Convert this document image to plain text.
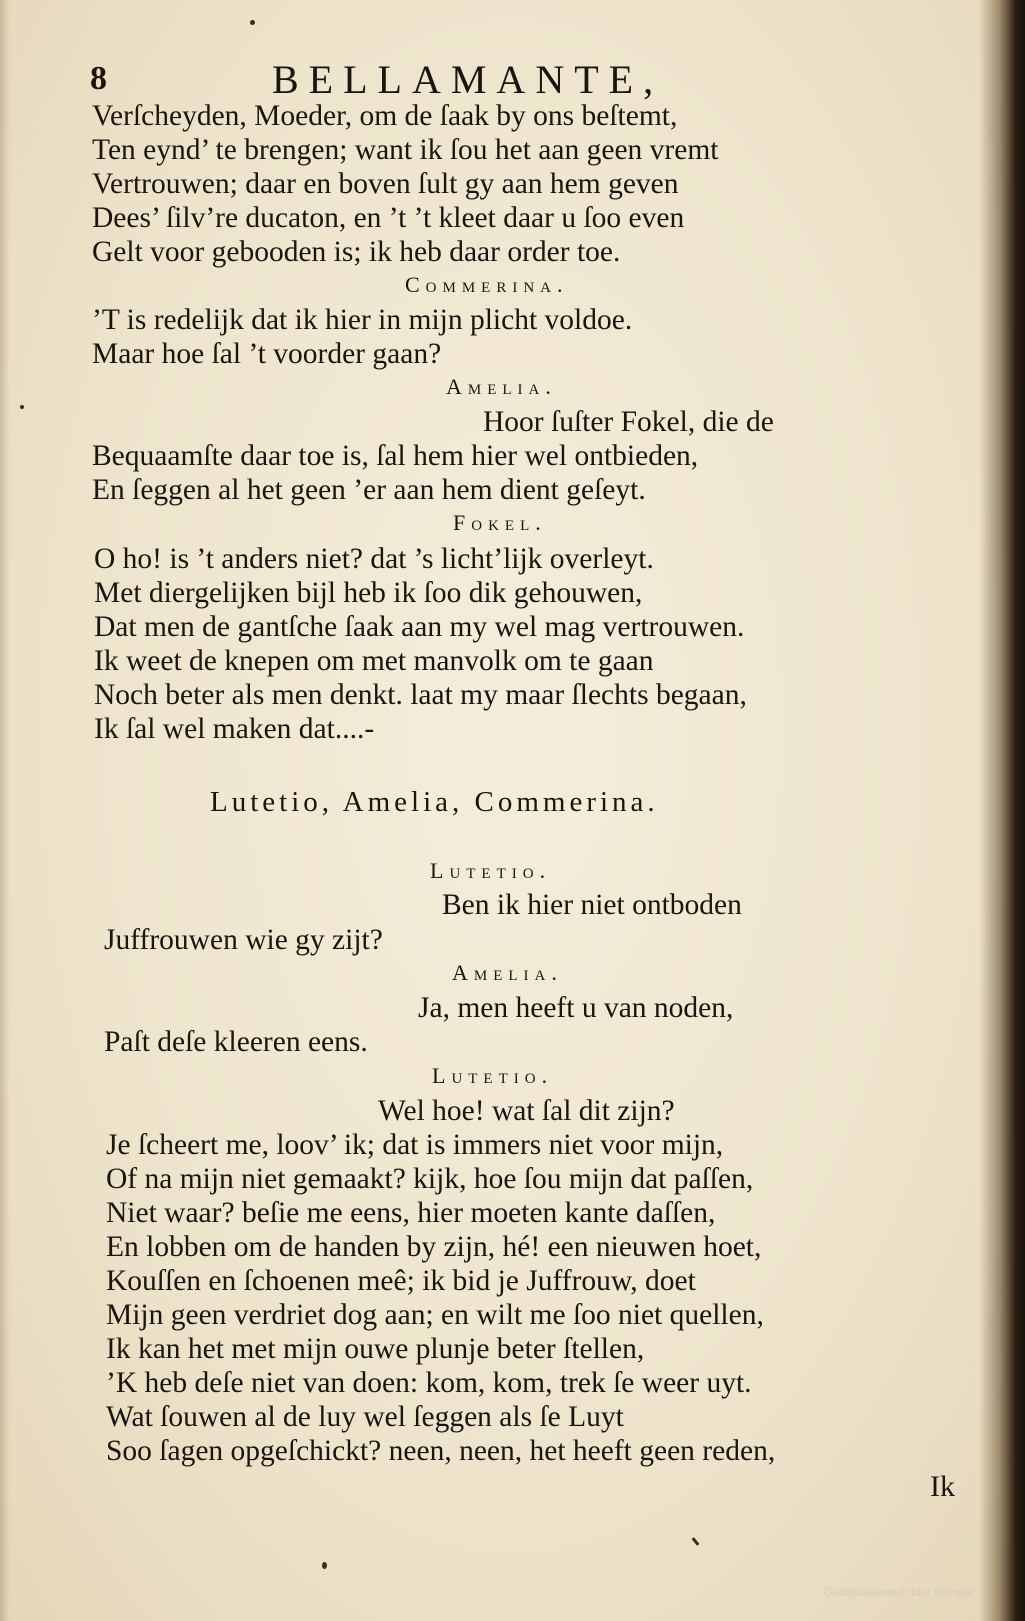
8	BELLAMANTE,
Verſcheyden, Moeder, om de ſaak by ons beſtemt,
Ten eynd’ te brengen; want ik ſou het aan geen vremt
Vertrouwen; daar en boven ſult gy aan hem geven
Dees’ ſilv’re ducaton, en ’t ’t kleet daar u ſoo even
Gelt voor gebooden is; ik heb daar order toe.
Commerina.
’T is redelijk dat ik hier in mijn plicht voldoe.
Maar hoe ſal ’t voorder gaan?
Amelia.
Hoor ſuſter Fokel, die de
Bequaamſte daar toe is, ſal hem hier wel ontbieden,
En ſeggen al het geen ’er aan hem dient geſeyt.
Fokel.
O ho! is ’t anders niet? dat ’s licht’lijk overleyt.
Met diergelijken bijl heb ik ſoo dik gehouwen,
Dat men de gantſche ſaak aan my wel mag vertrouwen.
Ik weet de knepen om met manvolk om te gaan
Noch beter als men denkt. laat my maar ſlechts begaan,
Ik ſal wel maken dat....-
Lutetio, Amelia, Commerina.
Lutetio.
Ben ik hier niet ontboden
Juffrouwen wie gy zijt?
Amelia.
Ja, men heeft u van noden,
Paſt deſe kleeren eens.
Lutetio.
Wel hoe! wat ſal dit zijn?
Je ſcheert me, loov’ ik; dat is immers niet voor mijn,
Of na mijn niet gemaakt? kijk, hoe ſou mijn dat paſſen,
Niet waar? beſie me eens, hier moeten kante daſſen,
En lobben om de handen by zijn, hé! een nieuwen hoet,
Kouſſen en ſchoenen meê; ik bid je Juffrouw, doet
Mijn geen verdriet dog aan; en wilt me ſoo niet quellen,
Ik kan het met mijn ouwe plunje beter ſtellen,
’K heb deſe niet van doen: kom, kom, trek ſe weer uyt.
Wat ſouwen al de luy wel ſeggen als ſe Luyt
Soo ſagen opgeſchickt? neen, neen, het heeft geen reden,
Ik
Gedigitaliseerd door Google
